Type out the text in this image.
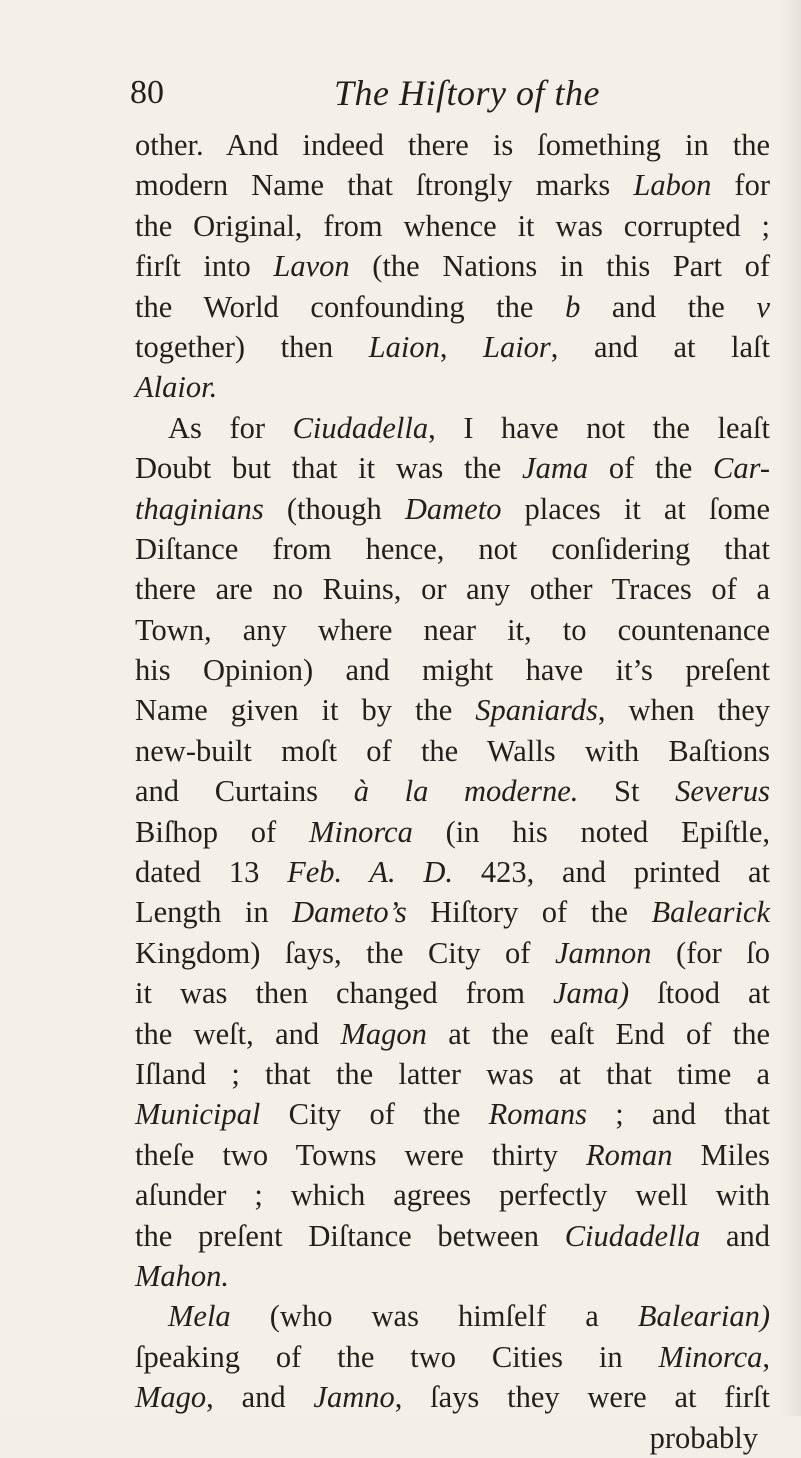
80	The Hiſtory of the
other. And indeed there is ſomething in the
modern Name that ſtrongly marks Labon for
the Original, from whence it was corrupted ;
firſt into Lavon (the Nations in this Part of
the World confounding the b and the v
together) then Laion, Laior, and at laſt
Alaior.
As for Ciudadella, I have not the leaſt
Doubt but that it was the Jama of the Car-
thaginians (though Dameto places it at ſome
Diſtance from hence, not conſidering that
there are no Ruins, or any other Traces of a
Town, any where near it, to countenance
his Opinion) and might have it’s preſent
Name given it by the Spaniards, when they
new-built moſt of the Walls with Baſtions
and Curtains à la moderne. St Severus
Biſhop of Minorca (in his noted Epiſtle,
dated 13 Feb. A. D. 423, and printed at
Length in Dameto’s Hiſtory of the Balearick
Kingdom) ſays, the City of Jamnon (for ſo
it was then changed from Jama) ſtood at
the weſt, and Magon at the eaſt End of the
Iſland ; that the latter was at that time a
Municipal City of the Romans ; and that
theſe two Towns were thirty Roman Miles
aſunder ; which agrees perfectly well with
the preſent Diſtance between Ciudadella and
Mahon.
Mela (who was himſelf a Balearian)
ſpeaking of the two Cities in Minorca,
Mago, and Jamno, ſays they were at firſt
probably
